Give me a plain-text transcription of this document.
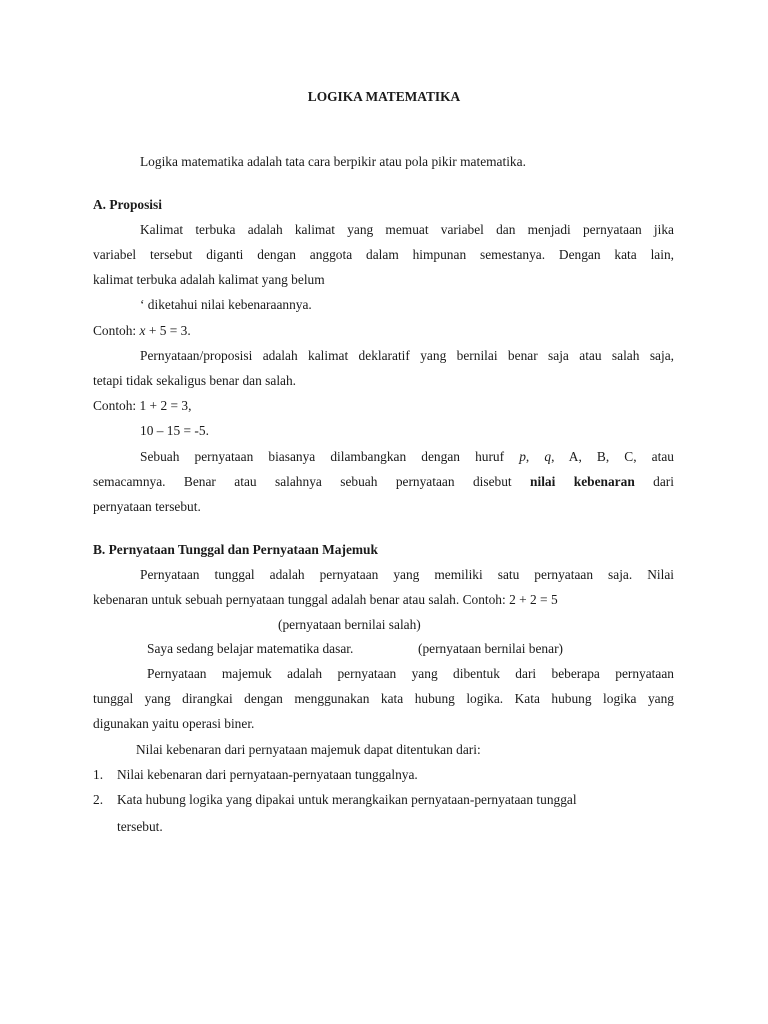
LOGIKA MATEMATIKA
Logika matematika adalah tata cara berpikir atau pola pikir matematika.
A. Proposisi
Kalimat terbuka adalah kalimat yang memuat variabel dan menjadi pernyataan jika
variabel tersebut diganti dengan anggota dalam himpunan semestanya. Dengan kata lain,
kalimat terbuka adalah kalimat yang belum
‘ diketahui nilai kebenaraannya.
Contoh: x + 5 = 3.
Pernyataan/proposisi adalah kalimat deklaratif yang bernilai benar saja atau salah saja,
tetapi tidak sekaligus benar dan salah.
Contoh: 1 + 2 = 3,
10 – 15 = -5.
Sebuah pernyataan biasanya dilambangkan dengan huruf p, q, A, B, C, atau
semacamnya. Benar atau salahnya sebuah pernyataan disebut nilai kebenaran dari
pernyataan tersebut.
B. Pernyataan Tunggal dan Pernyataan Majemuk
Pernyataan tunggal adalah pernyataan yang memiliki satu pernyataan saja. Nilai
kebenaran untuk sebuah pernyataan tunggal adalah benar atau salah. Contoh: 2 + 2 = 5
(pernyataan bernilai salah)
Saya sedang belajar matematika dasar.	(pernyataan bernilai benar)
Pernyataan majemuk adalah pernyataan yang dibentuk dari beberapa pernyataan
tunggal yang dirangkai dengan menggunakan kata hubung logika. Kata hubung logika yang
digunakan yaitu operasi biner.
Nilai kebenaran dari pernyataan majemuk dapat ditentukan dari:
1. Nilai kebenaran dari pernyataan-pernyataan tunggalnya.
2. Kata hubung logika yang dipakai untuk merangkaikan pernyataan-pernyataan tunggal
tersebut.
